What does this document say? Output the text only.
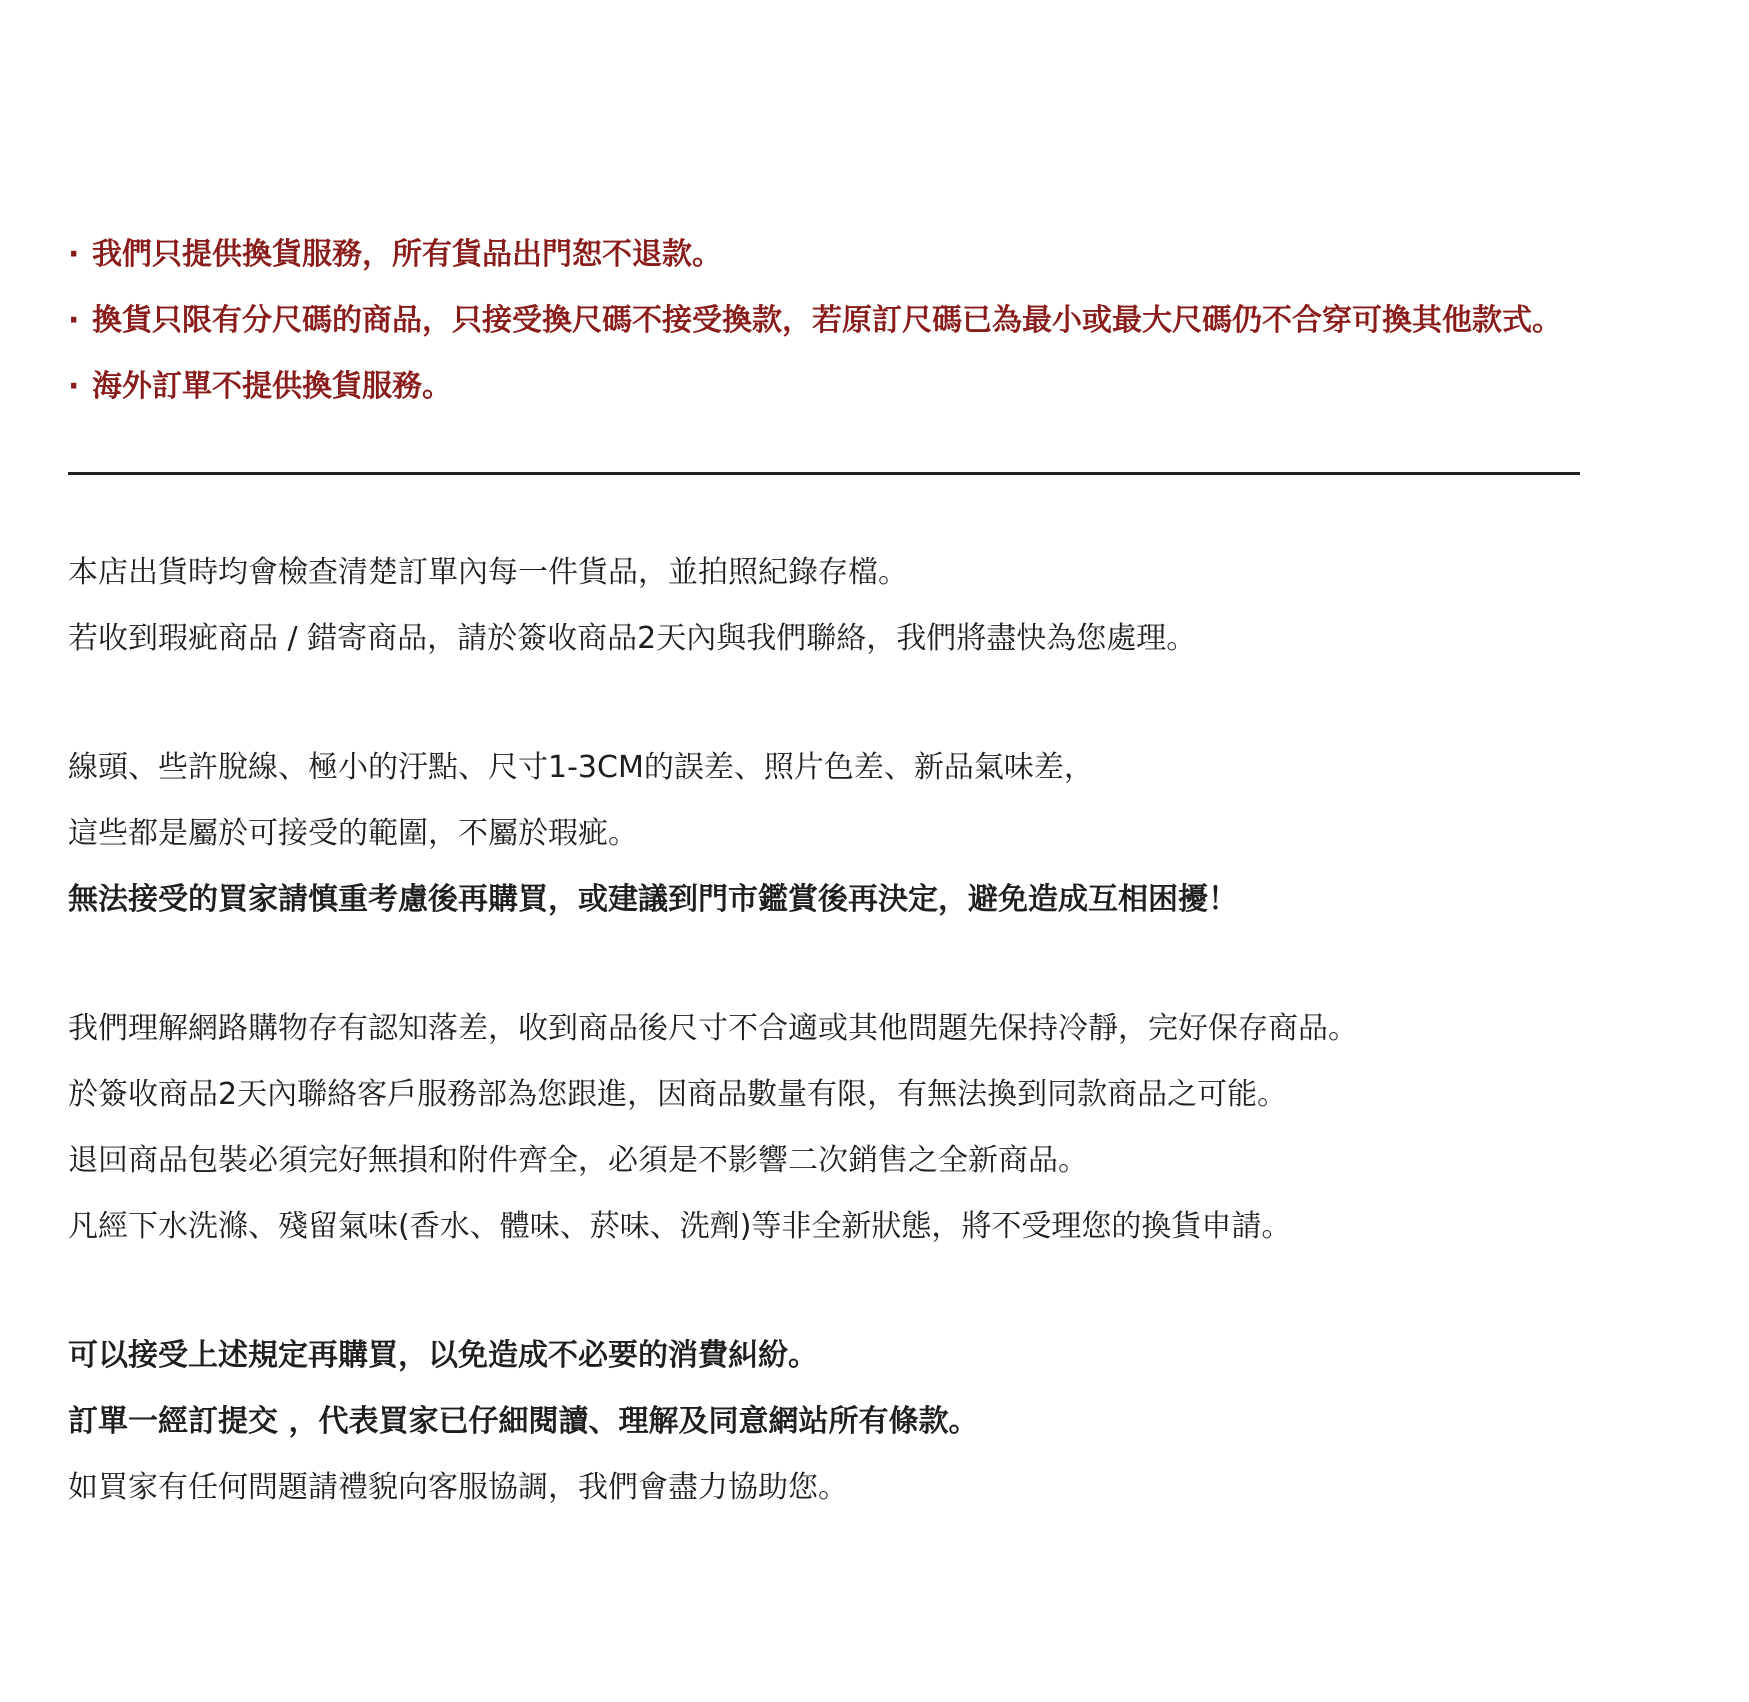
· 我們只提供換貨服務，所有貨品出門恕不退款。
· 換貨只限有分尺碼的商品，只接受換尺碼不接受換款，若原訂尺碼已為最小或最大尺碼仍不合穿可換其他款式。
· 海外訂單不提供換貨服務。
本店出貨時均會檢查清楚訂單內每一件貨品，並拍照紀錄存檔。
若收到瑕疵商品 / 錯寄商品，請於簽收商品2天內與我們聯絡，我們將盡快為您處理。
線頭、些許脫線、極小的汙點、尺寸1-3CM的誤差、照片色差、新品氣味差，
這些都是屬於可接受的範圍，不屬於瑕疵。
無法接受的買家請慎重考慮後再購買，或建議到門市鑑賞後再決定，避免造成互相困擾！
我們理解網路購物存有認知落差，收到商品後尺寸不合適或其他問題先保持冷靜，完好保存商品。
於簽收商品2天內聯絡客戶服務部為您跟進，因商品數量有限，有無法換到同款商品之可能。
退回商品包裝必須完好無損和附件齊全，必須是不影響二次銷售之全新商品。
凡經下水洗滌、殘留氣味(香水、體味、菸味、洗劑)等非全新狀態，將不受理您的換貨申請。
可以接受上述規定再購買，以免造成不必要的消費糾紛。
訂單一經訂提交 ，代表買家已仔細閱讀、理解及同意網站所有條款。
如買家有任何問題請禮貌向客服協調，我們會盡力協助您。
